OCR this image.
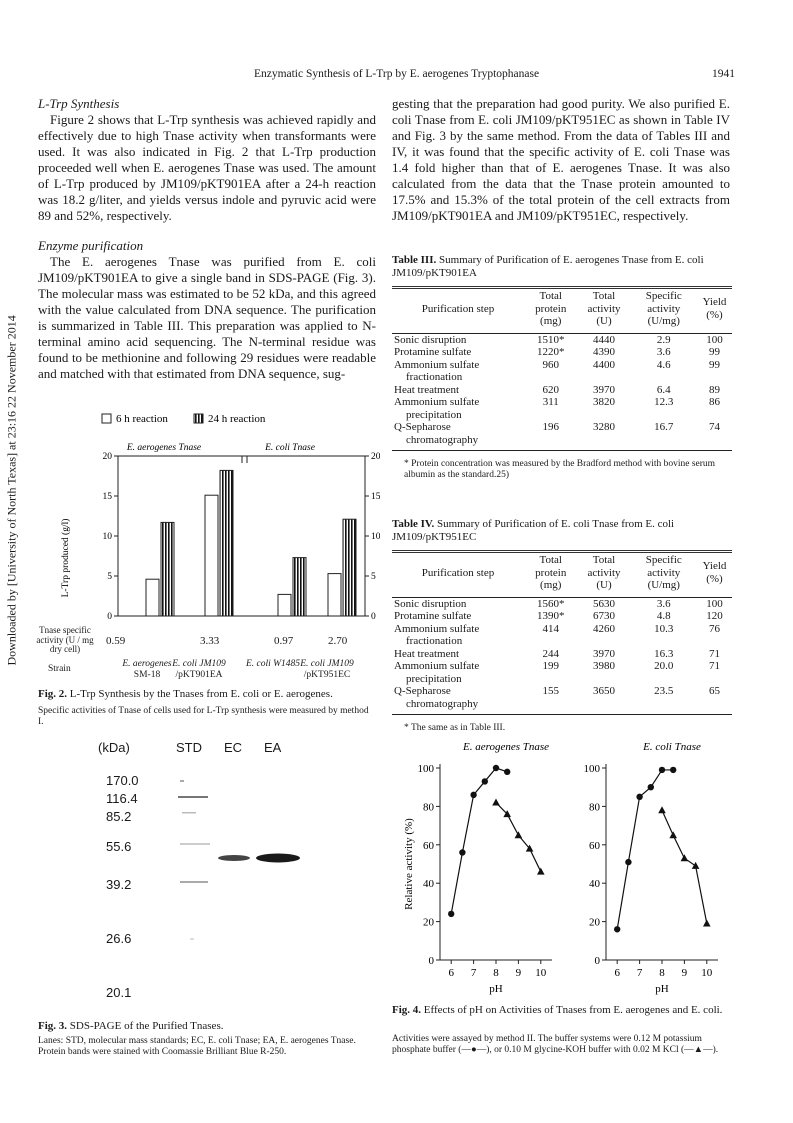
Enzymatic Synthesis of L-Trp by E. aerogenes Tryptophanase	1941
Downloaded by [University of North Texas] at 23:16 22 November 2014
L-Trp Synthesis

Figure 2 shows that L-Trp synthesis was achieved rapidly and effectively due to high Tnase activity when transformants were used. It was also indicated in Fig. 2 that L-Trp production proceeded well when E. aerogenes Tnase was used. The amount of L-Trp produced by JM109/pKT901EA after a 24-h reaction was 18.2 g/liter, and yields versus indole and pyruvic acid were 89 and 52%, respectively.

Enzyme purification

The E. aerogenes Tnase was purified from E. coli JM109/pKT901EA to give a single band in SDS-PAGE (Fig. 3). The molecular mass was estimated to be 52 kDa, and this agreed with the value calculated from DNA sequence. The purification is summarized in Table III. This preparation was applied to N-terminal amino acid sequencing. The N-terminal residue was found to be methionine and following 29 residues were readable and matched with that estimated from DNA sequence, sug-

gesting that the preparation had good purity. We also purified E. coli Tnase from E. coli JM109/pKT951EC as shown in Table IV and Fig. 3 by the same method. From the data of Tables III and IV, it was found that the specific activity of E. coli Tnase was 1.4 fold higher than that of E. aerogenes Tnase. It was also calculated from the data that the Tnase protein amounted to 17.5% and 15.3% of the total protein of the cell extracts from JM109/pKT901EA and JM109/pKT951EC, respectively.

Table III. Summary of Purification of E. aerogenes Tnase from E. coli JM109/pKT901EA
Purification step	Total protein (mg)	Total activity (U)	Specific activity (U/mg)	Yield (%)

Sonic disruption	1510*	4440	2.9	100
Protamine sulfate	1220*	4390	3.6	99
Ammonium sulfate fractionation	960	4400	4.6	99
Heat treatment	620	3970	6.4	89
Ammonium sulfate precipitation	311	3820	12.3	86
Q-Sepharose chromatography	196	3280	16.7	74
* Protein concentration was measured by the Bradford method with bovine serum albumin as the standard.25)
Table IV. Summary of Purification of E. coli Tnase from E. coli JM109/pKT951EC
Purification step	Total protein (mg)	Total activity (U)	Specific activity (U/mg)	Yield (%)

Sonic disruption	1560*	5630	3.6	100
Protamine sulfate	1390*	6730	4.8	120
Ammonium sulfate fractionation	414	4260	10.3	76
Heat treatment	244	3970	16.3	71
Ammonium sulfate precipitation	199	3980	20.0	71
Q-Sepharose chromatography	155	3650	23.5	65
* The same as in Table III.
6 h reaction	24 h reaction
E. aerogenes Tnase	E. coli Tnase
L-Trp produced (g/l)
0	0
5	5
10	10
15	15
20	20
Tnase specific activity (U / mg dry cell)
0.59	3.33	0.97	2.70
Strain	E. aerogenes
SM-18
E. coli JM109
/pKT901EA
E. coli W1485 E. coli JM109
/pKT951EC
Fig. 2. L-Trp Synthesis by the Tnases from E. coli or E. aerogenes.
Specific activities of Tnase of cells used for L-Trp synthesis were measured by method I.
(kDa)	STD EC EA
170.0
116.4
85.2
55.6
39.2
26.6
20.1
Fig. 3. SDS-PAGE of the Purified Tnases.
Lanes: STD, molecular mass standards; EC, E. coli Tnase; EA, E. aerogenes Tnase. Protein bands were stained with Coomassie Brilliant Blue R-250.
E. aerogenes Tnase
0
20
40
60
80
100
6 7 8 9 10
pH
Relative activity (%)
E. coli Tnase
0
20
40
60
80
100
6 7 8 9 10
pH
Fig. 4. Effects of pH on Activities of Tnases from E. aerogenes and E. coli.
Activities were assayed by method II. The buffer systems were 0.12 M potassium phosphate buffer (—●—), or 0.10 M glycine-KOH buffer with 0.02 M KCl (—▲—).
